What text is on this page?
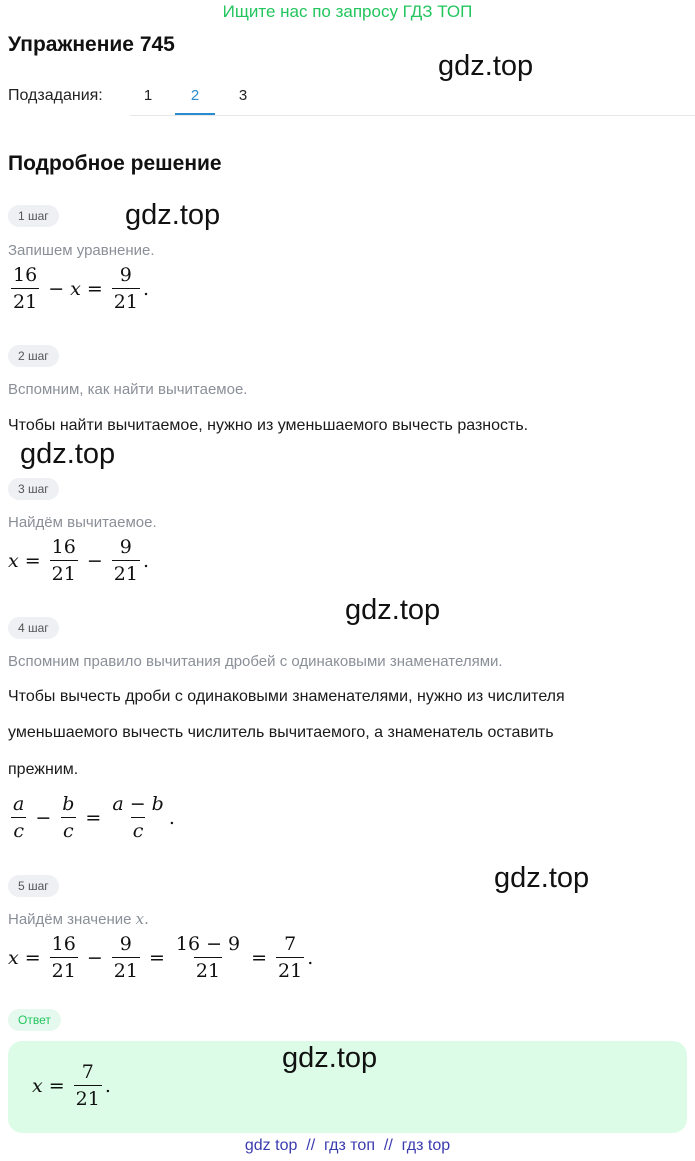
Ищите нас по запросу ГДЗ ТОП
Упражнение 745
Подзадания:	1	2	3
gdz.top
Подробное решение
1 шаг	gdz.top
Запишем уравнение.
$\frac{16}{21} - x = \frac{9}{21}$ .
2 шаг
Вспомним, как найти вычитаемое.
Чтобы найти вычитаемое, нужно из уменьшаемого вычесть разность.
gdz.top
3 шаг
Найдём вычитаемое.
$x = \frac{16}{21} - \frac{9}{21}$ .
gdz.top
4 шаг
Вспомним правило вычитания дробей с одинаковыми знаменателями.
Чтобы вычесть дроби с одинаковыми знаменателями, нужно из числителя
уменьшаемого вычесть числитель вычитаемого, а знаменатель оставить
прежним.
$\frac{a}{c} - \frac{b}{c} = \frac{a - b}{c}$ .
5 шаг	gdz.top
Найдём значение x.
$x = \frac{16}{21} - \frac{9}{21} = \frac{16 - 9}{21} = \frac{7}{21}$ .
Ответ
gdz.top
$x = \frac{7}{21}$ .
gdz top  //  гдз топ  //  гдз top
